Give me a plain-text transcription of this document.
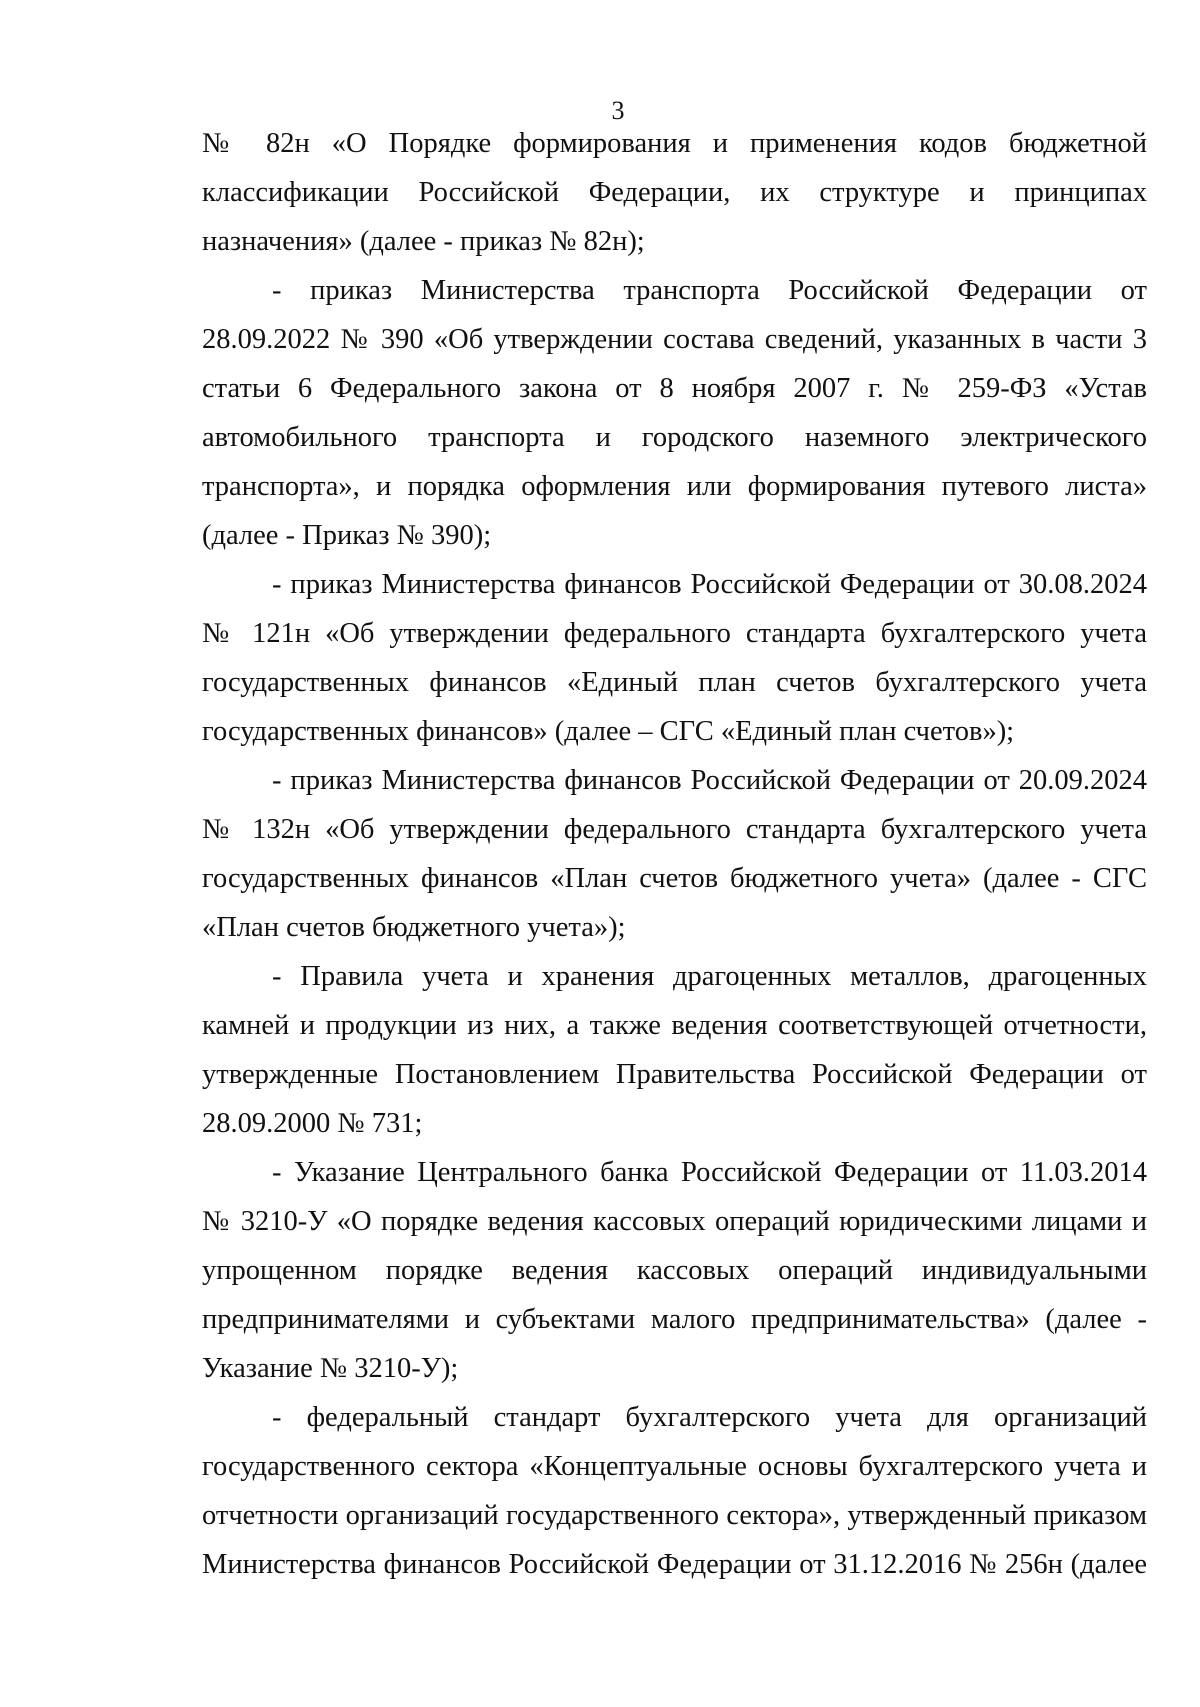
3
№ 82н «О Порядке формирования и применения кодов бюджетной
классификации Российской Федерации, их структуре и принципах
назначения» (далее - приказ № 82н);
- приказ Министерства транспорта Российской Федерации от
28.09.2022 № 390 «Об утверждении состава сведений, указанных в части 3
статьи 6 Федерального закона от 8 ноября 2007 г. № 259-ФЗ «Устав
автомобильного транспорта и городского наземного электрического
транспорта», и порядка оформления или формирования путевого листа»
(далее - Приказ № 390);
- приказ Министерства финансов Российской Федерации от 30.08.2024
№ 121н «Об утверждении федерального стандарта бухгалтерского учета
государственных финансов «Единый план счетов бухгалтерского учета
государственных финансов» (далее – СГС «Единый план счетов»);
- приказ Министерства финансов Российской Федерации от 20.09.2024
№ 132н «Об утверждении федерального стандарта бухгалтерского учета
государственных финансов «План счетов бюджетного учета» (далее - СГС
«План счетов бюджетного учета»);
- Правила учета и хранения драгоценных металлов, драгоценных
камней и продукции из них, а также ведения соответствующей отчетности,
утвержденные Постановлением Правительства Российской Федерации от
28.09.2000 № 731;
- Указание Центрального банка Российской Федерации от 11.03.2014
№ 3210-У «О порядке ведения кассовых операций юридическими лицами и
упрощенном порядке ведения кассовых операций индивидуальными
предпринимателями и субъектами малого предпринимательства» (далее -
Указание № 3210-У);
- федеральный стандарт бухгалтерского учета для организаций
государственного сектора «Концептуальные основы бухгалтерского учета и
отчетности организаций государственного сектора», утвержденный приказом
Министерства финансов Российской Федерации от 31.12.2016 № 256н (далее
